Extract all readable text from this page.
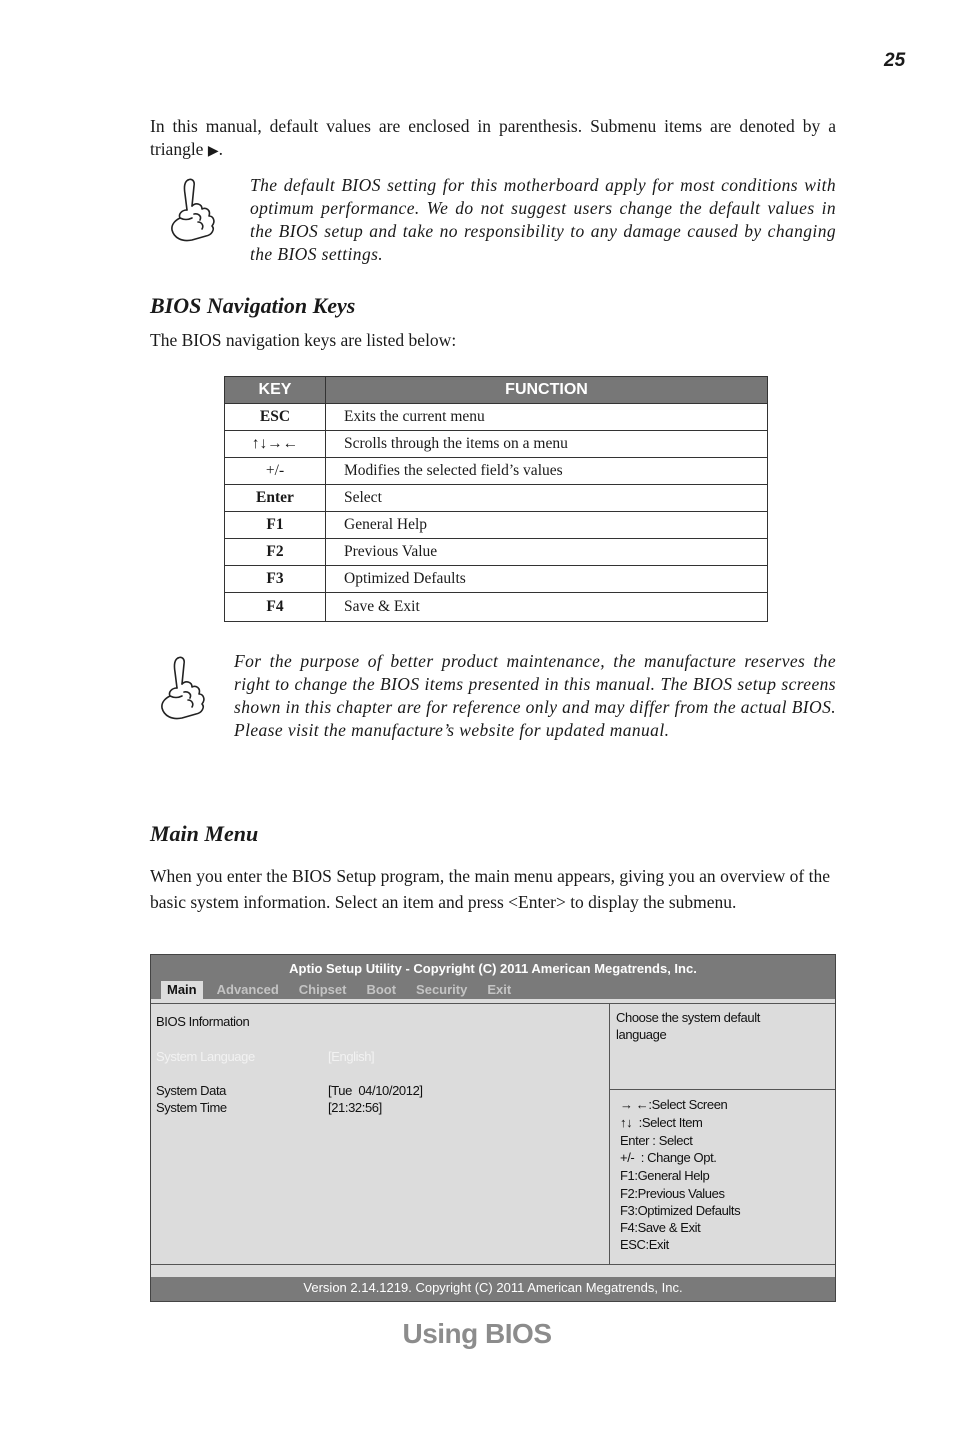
25
In this manual, default values are enclosed in parenthesis. Submenu items are denoted by a triangle ▶.
The default BIOS setting for this motherboard apply for most conditions with optimum performance. We do not suggest users change the default values in the BIOS setup and take no responsibility to any damage caused by changing the BIOS settings.
BIOS Navigation Keys
The BIOS navigation keys are listed below:
KEY	FUNCTION
ESC	Exits the current menu
↑↓→←	Scrolls through the items on a menu
+/-	Modifies the selected field’s values
Enter	Select
F1	General Help
F2	Previous Value
F3	Optimized Defaults
F4	Save & Exit
For the purpose of better product maintenance, the manufacture reserves the right to change the BIOS items presented in this manual. The BIOS setup screens shown in this chapter are for reference only and may differ from the actual BIOS. Please visit the manufacture’s website for updated manual.
Main Menu
When you enter the BIOS Setup program, the main menu appears, giving you an overview of the basic system information. Select an item and press <Enter> to display the submenu.
Aptio Setup Utility - Copyright (C) 2011 American Megatrends, Inc.
Main Advanced Chipset Boot Security Exit
BIOS Information
System Language	[English]
System Data	[Tue  04/10/2012]
System Time	[21:32:56]
Choose the system default language
→ ←:Select Screen
↑↓  :Select Item
Enter : Select
+/-  : Change Opt.
F1:General Help
F2:Previous Values
F3:Optimized Defaults
F4:Save & Exit
ESC:Exit
Version 2.14.1219. Copyright (C) 2011 American Megatrends, Inc.
Using BIOS
